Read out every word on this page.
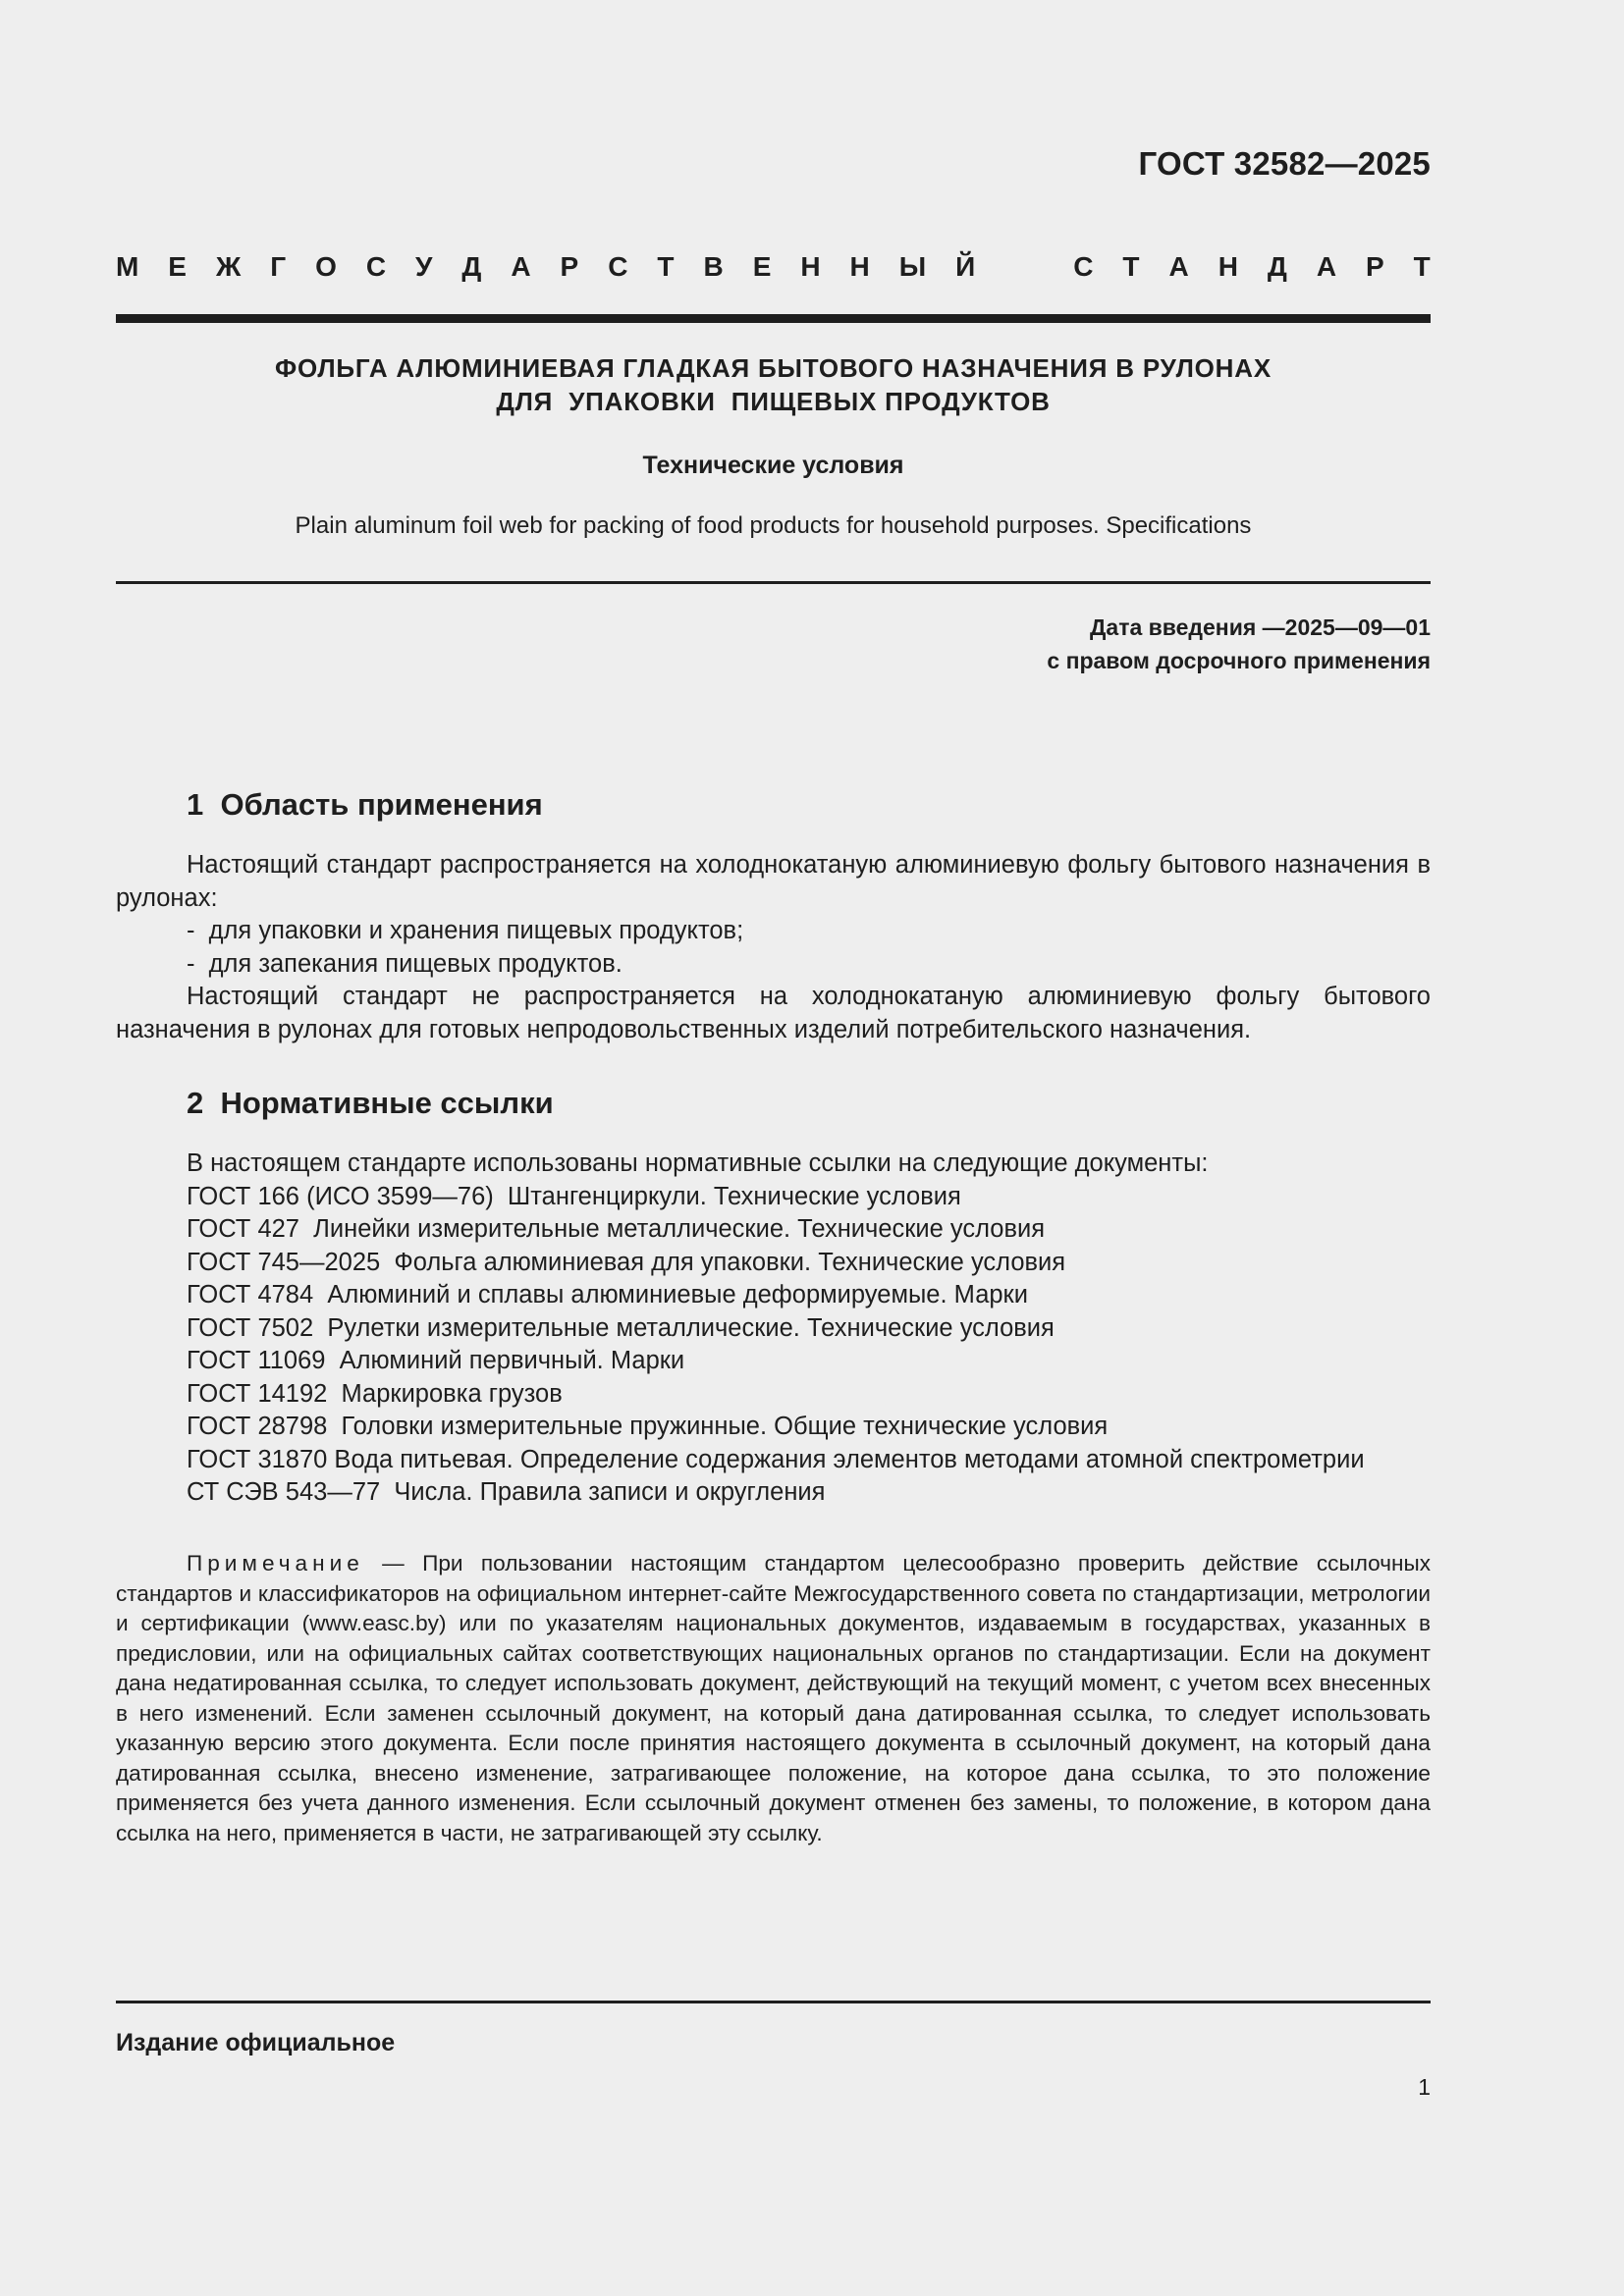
ГОСТ 32582—2025
М Е Ж Г О С У Д А Р С Т В Е Н Н Ы Й	С Т А Н Д А Р Т
ФОЛЬГА АЛЮМИНИЕВАЯ ГЛАДКАЯ БЫТОВОГО НАЗНАЧЕНИЯ В РУЛОНАХ
ДЛЯ  УПАКОВКИ  ПИЩЕВЫХ ПРОДУКТОВ
Технические условия
Plain aluminum foil web for packing of food products for household purposes. Specifications
Дата введения —2025—09—01
с правом досрочного применения
1  Область применения

Настоящий стандарт распространяется на холоднокатаную алюминиевую фольгу бытового назначения в рулонах:

-  для упаковки и хранения пищевых продуктов;

-  для запекания пищевых продуктов.

Настоящий стандарт не распространяется на холоднокатаную алюминиевую фольгу бытового назначения в рулонах для готовых непродовольственных изделий потребительского назначения.

2  Нормативные ссылки

В настоящем стандарте использованы нормативные ссылки на следующие документы:

ГОСТ 166 (ИСО 3599—76)  Штангенциркули. Технические условия

ГОСТ 427  Линейки измерительные металлические. Технические условия

ГОСТ 745—2025  Фольга алюминиевая для упаковки. Технические условия

ГОСТ 4784  Алюминий и сплавы алюминиевые деформируемые. Марки

ГОСТ 7502  Рулетки измерительные металлические. Технические условия

ГОСТ 11069  Алюминий первичный. Марки

ГОСТ 14192  Маркировка грузов

ГОСТ 28798  Головки измерительные пружинные. Общие технические условия

ГОСТ 31870 Вода питьевая. Определение содержания элементов методами атомной спектрометрии

СТ СЭВ 543—77  Числа. Правила записи и округления

Примечание — При пользовании настоящим стандартом целесообразно проверить действие ссылочных стандартов и классификаторов на официальном интернет-сайте Межгосударственного совета по стандартизации, метрологии и сертификации (www.easc.by) или по указателям национальных документов, издаваемым в государствах, указанных в предисловии, или на официальных сайтах соответствующих национальных органов по стандартизации. Если на документ дана недатированная ссылка, то следует использовать документ, действующий на текущий момент, с учетом всех внесенных в него изменений. Если заменен ссылочный документ, на который дана датированная ссылка, то следует использовать указанную версию этого документа. Если после принятия настоящего документа в ссылочный документ, на который дана датированная ссылка, внесено изменение, затрагивающее положение, на которое дана ссылка, то это положение применяется без учета данного изменения. Если ссылочный документ отменен без замены, то положение, в котором дана ссылка на него, применяется в части, не затрагивающей эту ссылку.
Издание официальное
1
